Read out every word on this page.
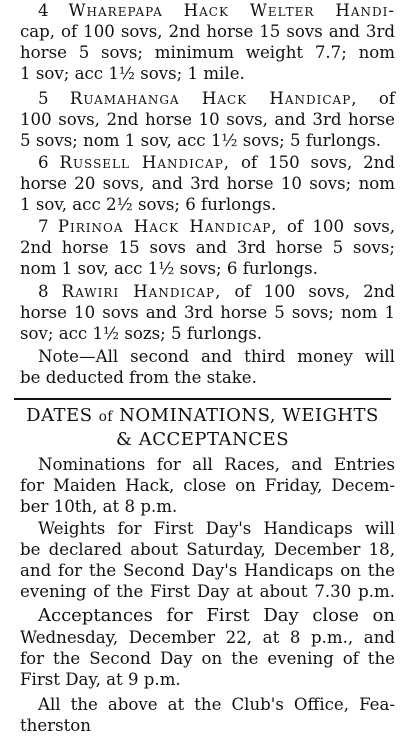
4 Wharepapa Hack Welter Handi-
cap, of 100 sovs, 2nd horse 15 sovs and 3rd
horse 5 sovs; minimum weight 7.7; nom
1 sov; acc 1½ sovs; 1 mile.
5 Ruamahanga Hack Handicap, of
100 sovs, 2nd horse 10 sovs, and 3rd horse
5 sovs; nom 1 sov, acc 1½ sovs; 5 furlongs.
6 Russell Handicap, of 150 sovs, 2nd
horse 20 sovs, and 3rd horse 10 sovs; nom
1 sov, acc 2½ sovs; 6 furlongs.
7 Pirinoa Hack Handicap, of 100 sovs,
2nd horse 15 sovs and 3rd horse 5 sovs;
nom 1 sov, acc 1½ sovs; 6 furlongs.
8 Rawiri Handicap, of 100 sovs, 2nd
horse 10 sovs and 3rd horse 5 sovs; nom 1
sov; acc 1½ sozs; 5 furlongs.
Note—All second and third money will
be deducted from the stake.
DATES of NOMINATIONS, WEIGHTS
& ACCEPTANCES
Nominations for all Races, and Entries
for Maiden Hack, close on Friday, Decem-
ber 10th, at 8 p.m.
Weights for First Day's Handicaps will
be declared about Saturday, December 18,
and for the Second Day's Handicaps on the
evening of the First Day at about 7.30 p.m.
Acceptances for First Day close on
Wednesday, December 22, at 8 p.m., and
for the Second Day on the evening of the
First Day, at 9 p.m.
All the above at the Club's Office, Fea-
therston
